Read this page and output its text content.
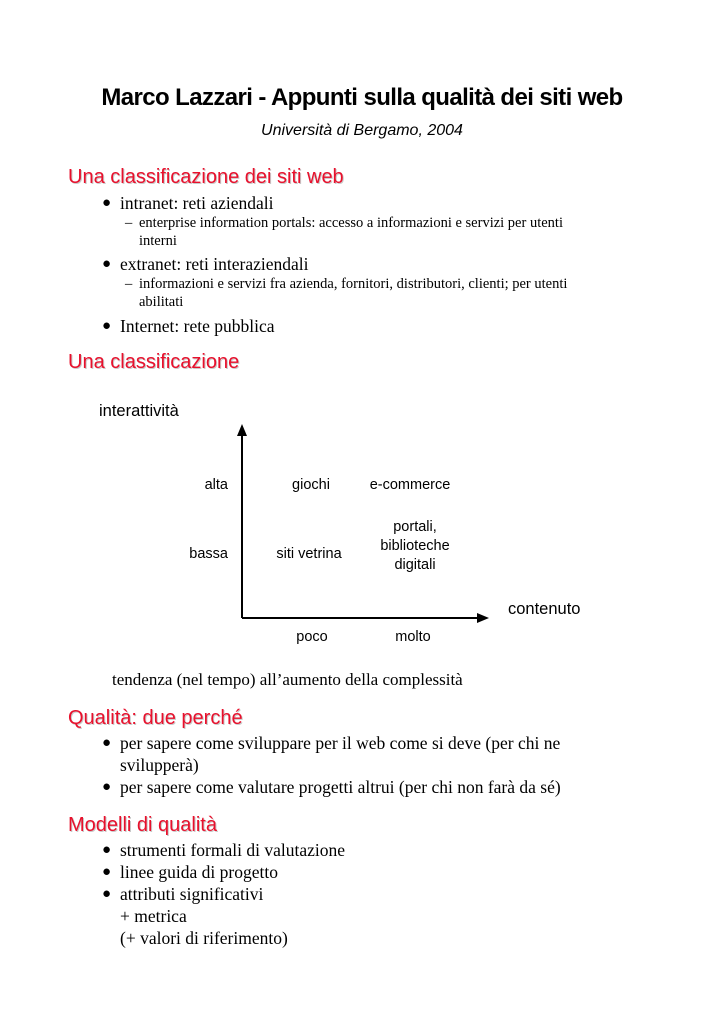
Marco Lazzari - Appunti sulla qualità dei siti web
Università di Bergamo, 2004
Una classificazione dei siti web
● intranet: reti aziendali
– enterprise information portals: accesso a informazioni e servizi per utenti
interni
● extranet: reti interaziendali
– informazioni e servizi fra azienda, fornitori, distributori, clienti; per utenti
abilitati
● Internet: rete pubblica
Una classificazione
interattività
alta
bassa
giochi	e-commerce
siti vetrina
portali,
biblioteche
digitali
contenuto
poco	molto
tendenza (nel tempo) all’aumento della complessità
Qualità: due perché
● per sapere come sviluppare per il web come si deve (per chi ne
svilupperà)
● per sapere come valutare progetti altrui (per chi non farà da sé)
Modelli di qualità
● strumenti formali di valutazione
● linee guida di progetto
● attributi significativi
+ metrica
(+ valori di riferimento)
